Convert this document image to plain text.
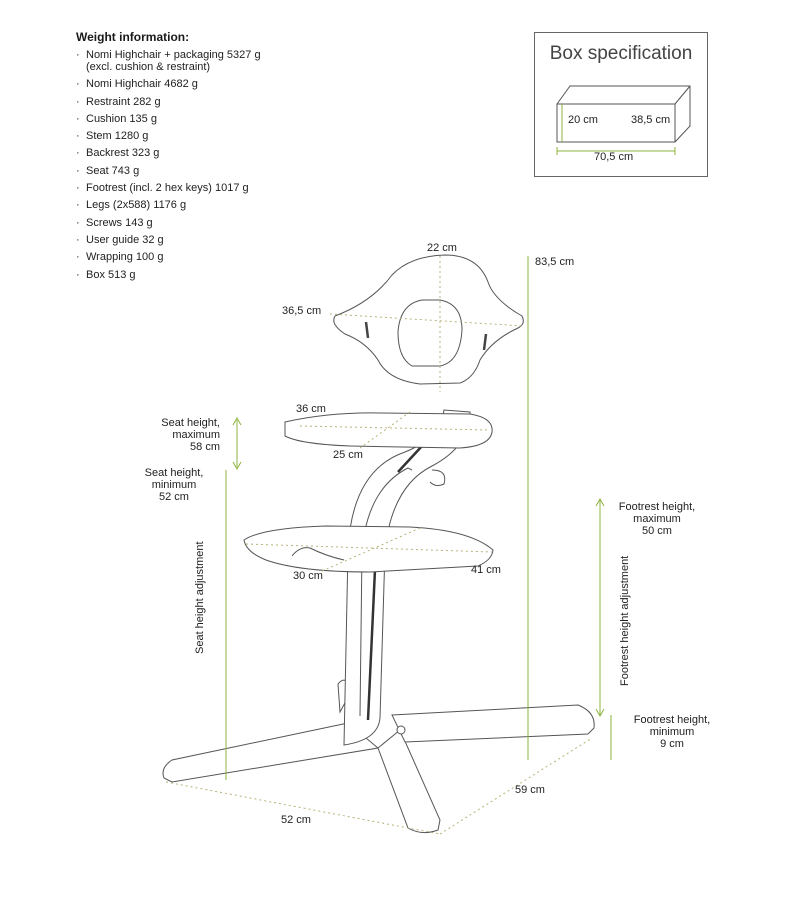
Weight information:
· Nomi Highchair + packaging 5327 g
(excl. cushion & restraint)
· Nomi Highchair 4682 g
· Restraint 282 g
· Cushion 135 g
· Stem 1280 g
· Backrest 323 g
· Seat 743 g
· Footrest (incl. 2 hex keys) 1017 g
· Legs (2x588) 1176 g
· Screws 143 g
· User guide 32 g
· Wrapping 100 g
· Box 513 g
Box specification
20 cm	38,5 cm
70,5 cm
22 cm
36,5 cm
83,5 cm
36 cm
25 cm
30 cm	41 cm
52 cm
59 cm
Seat height,
maximum
58 cm
Seat height,
minimum
52 cm
Footrest height,
maximum
50 cm
Footrest height,
minimum
9 cm
Seat height adjustment	Footrest height adjustment
